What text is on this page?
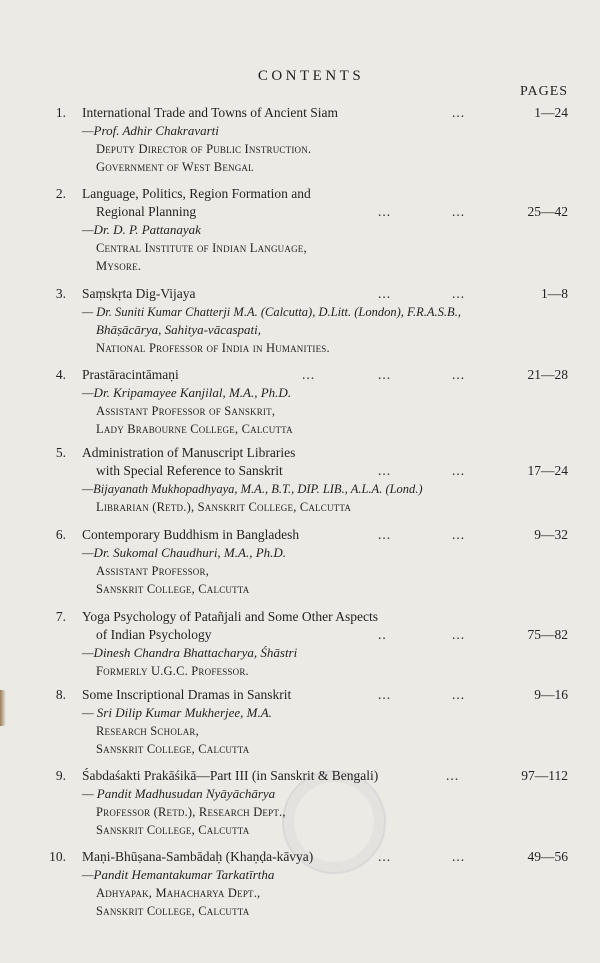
CONTENTS
PAGES
1. International Trade and Towns of Ancient Siam	...	1—24
—Prof. Adhir Chakravarti
Deputy Director of Public Instruction.
Government of West Bengal
2. Language, Politics, Region Formation and
Regional Planning	...	...	25—42
—Dr. D. P. Pattanayak
Central Institute of Indian Language,
Mysore.
3. Saṃskṛta Dig-Vijaya	...	...	1—8
— Dr. Suniti Kumar Chatterji M.A. (Calcutta), D.Litt. (London), F.R.A.S.B.,
Bhāṣācārya, Sahitya-vācaspati,
National Professor of India in Humanities.
4. Prastāracintāmaṇi	...	...	...	21—28
—Dr. Kripamayee Kanjilal, M.A., Ph.D.
Assistant Professor of Sanskrit,
Lady Brabourne College, Calcutta
5. Administration of Manuscript Libraries
with Special Reference to Sanskrit	...	...	17—24
—Bijayanath Mukhopadhyaya, M.A., B.T., DIP. LIB., A.L.A. (Lond.)
Librarian (Retd.), Sanskrit College, Calcutta
6. Contemporary Buddhism in Bangladesh	...	...	9—32
—Dr. Sukomal Chaudhuri, M.A., Ph.D.
Assistant Professor,
Sanskrit College, Calcutta
7. Yoga Psychology of Patañjali and Some Other Aspects
of Indian Psychology	..	...	75—82
—Dinesh Chandra Bhattacharya, Śhāstri
Formerly U.G.C. Professor.
8. Some Inscriptional Dramas in Sanskrit	...	...	9—16
— Sri Dilip Kumar Mukherjee, M.A.
Research Scholar,
Sanskrit College, Calcutta
9. Śabdaśakti Prakāśikā—Part III (in Sanskrit & Bengali)	...	97—112
— Pandit Madhusudan Nyāyāchārya
Professor (Retd.), Research Dept.,
Sanskrit College, Calcutta
10. Maṇi-Bhūṣana-Sambādaḥ (Khaṇḍa-kāvya)	...	...	49—56
—Pandit Hemantakumar Tarkatīrtha
Adhyapak, Mahacharya Dept.,
Sanskrit College, Calcutta
